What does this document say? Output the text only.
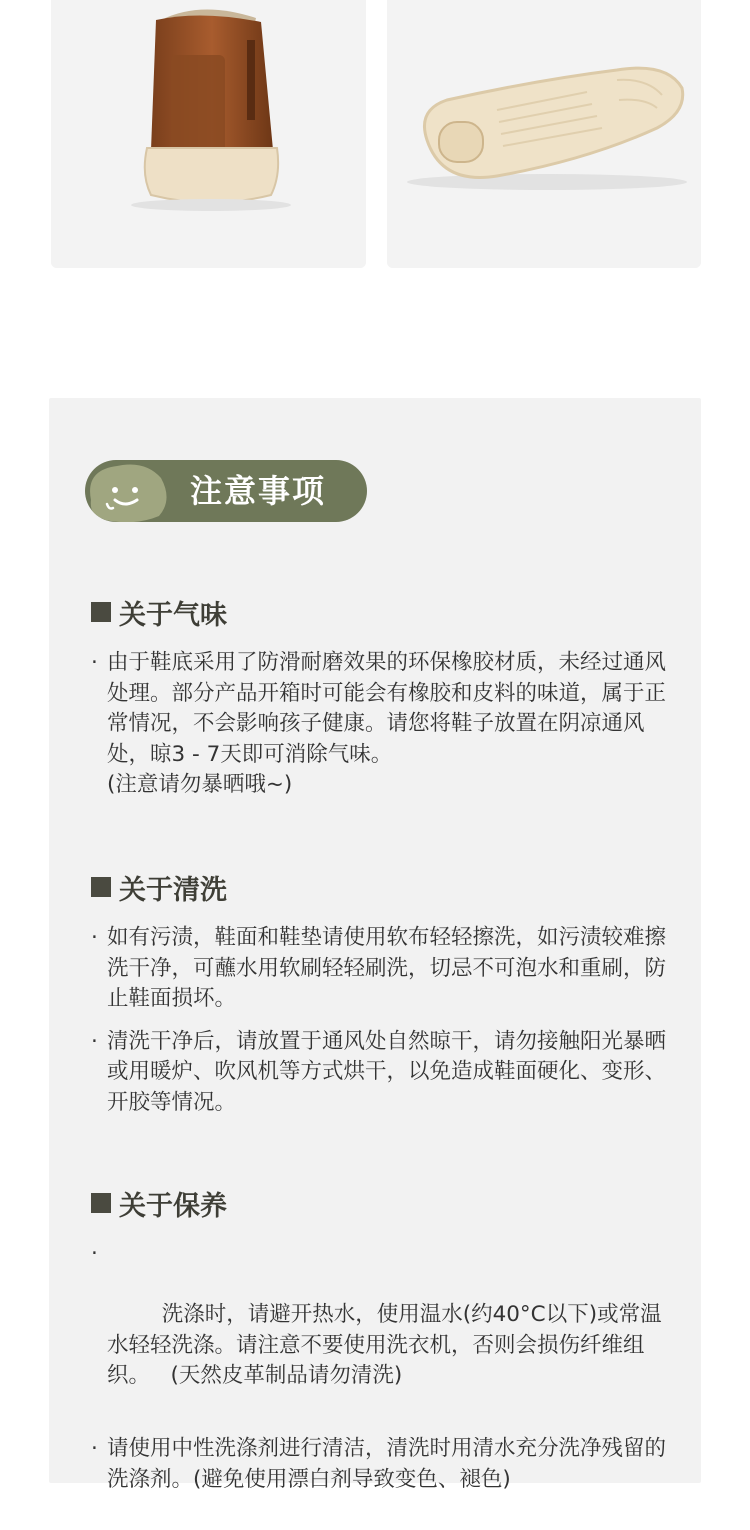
注意事项
关于气味
· 由于鞋底采用了防滑耐磨效果的环保橡胶材质，未经过通风处理。部分产品开箱时可能会有橡胶和皮料的味道，属于正常情况，不会影响孩子健康。请您将鞋子放置在阴凉通风处，晾3 - 7天即可消除气味。
(注意请勿暴晒哦~)
关于清洗
· 如有污渍，鞋面和鞋垫请使用软布轻轻擦洗，如污渍较难擦洗干净，可蘸水用软刷轻轻刷洗，切忌不可泡水和重刷，防止鞋面损坏。
· 清洗干净后，请放置于通风处自然晾干，请勿接触阳光暴晒或用暖炉、吹风机等方式烘干，以免造成鞋面硬化、变形、开胶等情况。
关于保养

·

洗涤时，请避开热水，使用温水(约40°C以下)或常温水轻轻洗涤。请注意不要使用洗衣机，否则会损伤纤维组织。   (天然皮革制品请勿清洗)

· 请使用中性洗涤剂进行清洁，清洗时用清水充分洗净残留的洗涤剂。(避免使用漂白剂导致变色、褪色)
